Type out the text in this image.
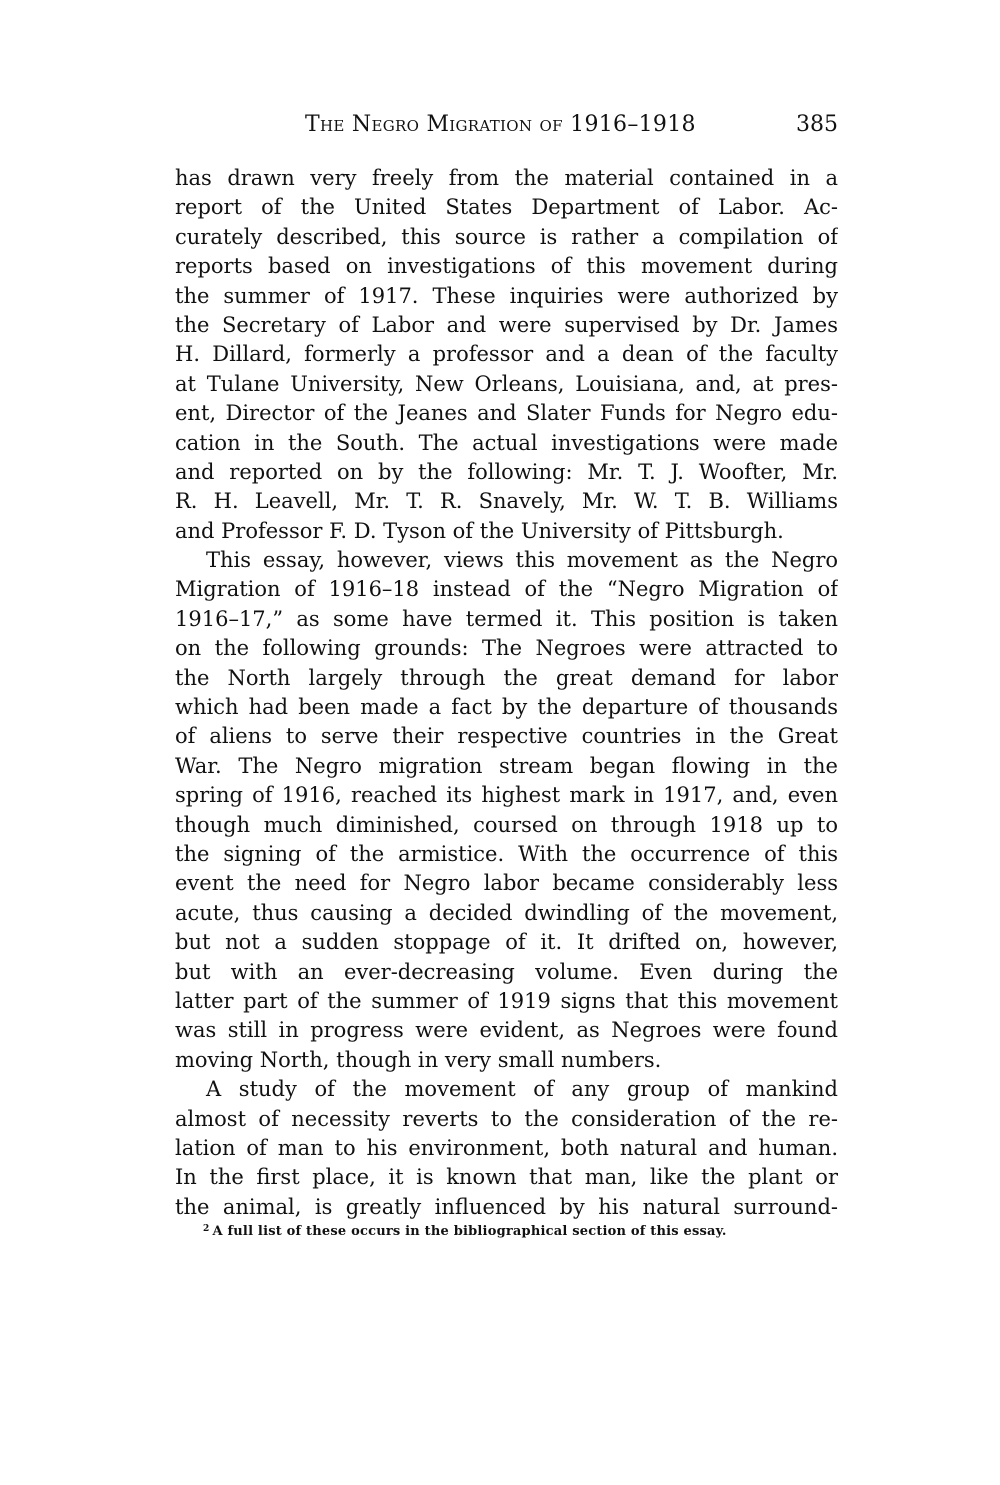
The Negro Migration of 1916–1918	385
has drawn very freely from the material contained in a
report of the United States Department of Labor. Ac-
curately described, this source is rather a compilation of
reports based on investigations of this movement during
the summer of 1917. These inquiries were authorized by
the Secretary of Labor and were supervised by Dr. James
H. Dillard, formerly a professor and a dean of the faculty
at Tulane University, New Orleans, Louisiana, and, at pres-
ent, Director of the Jeanes and Slater Funds for Negro edu-
cation in the South. The actual investigations were made
and reported on by the following: Mr. T. J. Woofter, Mr.
R. H. Leavell, Mr. T. R. Snavely, Mr. W. T. B. Williams
and Professor F. D. Tyson of the University of Pittsburgh.
This essay, however, views this movement as the Negro
Migration of 1916–18 instead of the “Negro Migration of
1916–17,” as some have termed it. This position is taken
on the following grounds: The Negroes were attracted to
the North largely through the great demand for labor
which had been made a fact by the departure of thousands
of aliens to serve their respective countries in the Great
War. The Negro migration stream began flowing in the
spring of 1916, reached its highest mark in 1917, and, even
though much diminished, coursed on through 1918 up to
the signing of the armistice. With the occurrence of this
event the need for Negro labor became considerably less
acute, thus causing a decided dwindling of the movement,
but not a sudden stoppage of it. It drifted on, however,
but with an ever-decreasing volume. Even during the
latter part of the summer of 1919 signs that this movement
was still in progress were evident, as Negroes were found
moving North, though in very small numbers.
A study of the movement of any group of mankind
almost of necessity reverts to the consideration of the re-
lation of man to his environment, both natural and human.
In the first place, it is known that man, like the plant or
the animal, is greatly influenced by his natural surround-
$^2$ A full list of these occurs in the bibliographical section of this essay.
